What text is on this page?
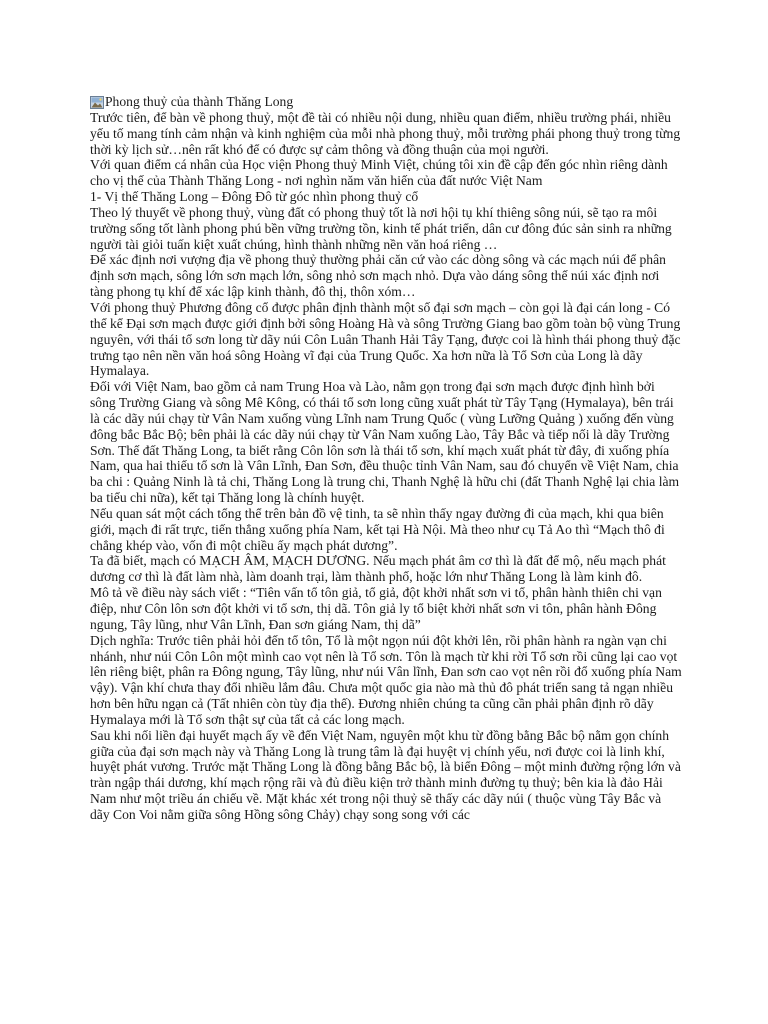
Phong thuỷ của thành Thăng Long

Trước tiên, để bàn về phong thuỷ, một đề tài có nhiều nội dung, nhiều quan điểm, nhiều trường phái, nhiều yếu tố mang tính cảm nhận và kinh nghiệm của mỗi nhà phong thuỷ, mỗi trường phái phong thuỷ trong từng thời kỳ lịch sử…nên rất khó để có được sự cảm thông và đồng thuận của mọi người.

Với quan điểm cá nhân của Học viện Phong thuỷ Minh Việt, chúng tôi xin đề cập đến góc nhìn riêng dành cho vị thế của Thành Thăng Long - nơi nghìn năm văn hiến của đất nước Việt Nam

1- Vị thế Thăng Long – Đông Đô từ góc nhìn phong thuỷ cổ

Theo lý thuyết về phong thuỷ, vùng đất có phong thuỷ tốt là nơi hội tụ khí thiêng sông núi, sẽ tạo ra môi trường sống tốt lành phong phú bền vững trường tồn, kinh tế phát triển, dân cư đông đúc sản sinh ra những người tài giỏi tuấn kiệt xuất chúng, hình thành những nền văn hoá riêng …

Để xác định nơi vượng địa về phong thuỷ thường phải căn cứ vào các dòng sông và các mạch núi để phân định sơn mạch, sông lớn sơn mạch lớn, sông nhỏ sơn mạch nhỏ. Dựa vào dáng sông thế núi xác định nơi tàng phong tụ khí để xác lập kinh thành, đô thị, thôn xóm…

Với phong thuỷ Phương đông cổ được phân định thành một số đại sơn mạch – còn gọi là đại cán long - Có thể kể Đại sơn mạch được giới định bởi sông Hoàng Hà và sông Trường Giang bao gồm toàn bộ vùng Trung nguyên, với thái tổ sơn long từ dãy núi Côn Luân Thanh Hải Tây Tạng, được coi là hình thái phong thuỷ đặc trưng tạo nên nền văn hoá sông Hoàng vĩ đại của Trung Quốc. Xa hơn nữa là Tổ Sơn của Long là dãy Hymalaya.

Đối với Việt Nam, bao gồm cả nam Trung Hoa và Lào, nằm gọn trong đại sơn mạch được định hình bởi sông Trường Giang và sông Mê Kông, có thái tổ sơn long cũng xuất phát từ Tây Tạng (Hymalaya), bên trái là các dãy núi chạy từ Vân Nam xuống vùng Lĩnh nam Trung Quốc ( vùng Lưỡng Quảng ) xuống đến vùng đông bắc Bắc Bộ; bên phải là các dãy núi chạy từ Vân Nam xuống Lào, Tây Bắc và tiếp nối là dãy Trường Sơn. Thế đất Thăng Long, ta biết rằng Côn lôn sơn là thái tổ sơn, khí mạch xuất phát từ đây, đi xuống phía Nam, qua hai thiếu tổ sơn là Vân Lĩnh, Đan Sơn, đều thuộc tỉnh Vân Nam, sau đó chuyển về Việt Nam, chia ba chi : Quảng Ninh là tả chi, Thăng Long là trung chi, Thanh Nghệ là hữu chi (đất Thanh Nghệ lại chia làm ba tiểu chi nữa), kết tại Thăng long là chính huyệt.

Nếu quan sát một cách tổng thể trên bản đồ vệ tinh, ta sẽ nhìn thấy ngay đường đi của mạch, khi qua biên giới, mạch đi rất trực, tiến thẳng xuống phía Nam, kết tại Hà Nội. Mà theo như cụ Tả Ao thì “Mạch thô đi chẳng khép vào, vốn đi một chiều ấy mạch phát dương”.

Ta đã biết, mạch có MẠCH ÂM, MẠCH DƯƠNG. Nếu mạch phát âm cơ thì là đất để mộ, nếu mạch phát dương cơ thì là đất làm nhà, làm doanh trại, làm thành phố, hoặc lớn như Thăng Long là làm kinh đô.

Mô tả về điều này sách viết : “Tiên vấn tổ tôn giả, tổ giả, đột khởi nhất sơn vi tổ, phân hành thiên chi vạn điệp, như Côn lôn sơn đột khởi vi tổ sơn, thị dã. Tôn giả ly tổ biệt khởi nhất sơn vi tôn, phân hành Đông ngung, Tây lũng, như Vân Lĩnh, Đan sơn giáng Nam, thị dã”

Dịch nghĩa: Trước tiên phải hỏi đến tổ tôn, Tổ là một ngọn núi đột khởi lên, rồi phân hành ra ngàn vạn chi nhánh, như núi Côn Lôn một mình cao vọt nên là Tổ sơn. Tôn là mạch từ khi rời Tổ sơn rồi cũng lại cao vọt lên riêng biệt, phân ra Đông ngung, Tây lũng, như núi Vân lĩnh, Đan sơn cao vọt nên rồi đổ xuống phía Nam vậy). Vận khí chưa thay đổi nhiều lắm đâu. Chưa một quốc gia nào mà thủ đô phát triển sang tả ngạn nhiều hơn bên hữu ngạn cả (Tất nhiên còn tùy địa thế). Đương nhiên chúng ta cũng cần phải phân định rõ dãy Hymalaya mới là Tổ sơn thật sự của tất cả các long mạch.

Sau khi nối liền đại huyết mạch ấy về đến Việt Nam, nguyên một khu từ đồng bằng Bắc bộ nằm gọn chính giữa của đại sơn mạch này và Thăng Long là trung tâm là đại huyệt vị chính yếu, nơi được coi là linh khí, huyệt phát vương. Trước mặt Thăng Long là đồng bằng Bắc bộ, là biển Đông – một minh đường rộng lớn và tràn ngập thái dương, khí mạch rộng rãi và đủ điều kiện trở thành minh đường tụ thuỷ; bên kia là đảo Hải Nam như một triều án chiếu về. Mặt khác xét trong nội thuỷ sẽ thấy các dãy núi ( thuộc vùng Tây Bắc và dãy Con Voi nằm giữa sông Hồng sông Chảy) chạy song song với các
